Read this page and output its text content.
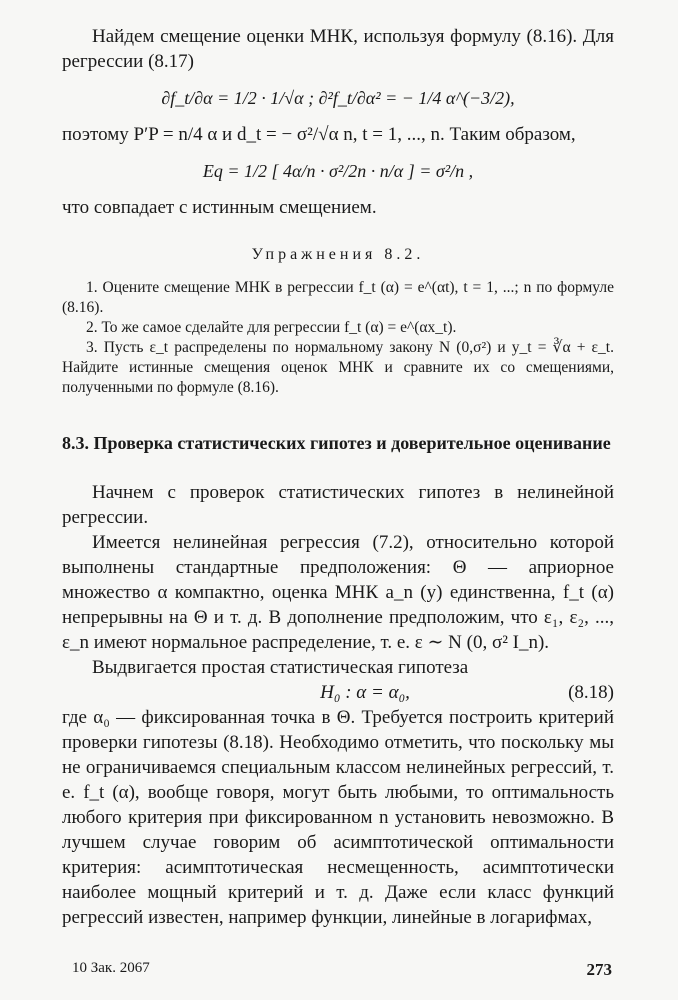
Найдем смещение оценки МНК, используя формулу (8.16). Для регрессии (8.17)

∂f_t/∂α = 1/2 · 1/√α ; ∂²f_t/∂α² = − 1/4 α^(−3/2),

поэтому P′P = n/4 α и d_t = − σ²/√α n, t = 1, ..., n. Таким образом,

Eq = 1/2 [ 4α/n · σ²/2n · n/α ] = σ²/n ,

что совпадает с истинным смещением.

Упражнения 8.2.

1. Оцените смещение МНК в регрессии f_t (α) = e^(αt), t = 1, ...; n по формуле (8.16).

2. То же самое сделайте для регрессии f_t (α) = e^(αx_t).

3. Пусть ε_t распределены по нормальному закону N (0,σ²) и y_t = ∛α + ε_t. Найдите истинные смещения оценок МНК и сравните их со смещениями, полученными по формуле (8.16).

8.3. Проверка статистических гипотез и доверительное оценивание

Начнем с проверок статистических гипотез в нелинейной регрессии.

Имеется нелинейная регрессия (7.2), относительно которой выполнены стандартные предположения: Θ — априорное множество α компактно, оценка МНК a_n (y) единственна, f_t (α) непрерывны на Θ и т. д. В дополнение предположим, что ε₁, ε₂, ..., ε_n имеют нормальное распределение, т. е. ε ∼ N (0, σ² I_n).

Выдвигается простая статистическая гипотеза

H₀ : α = α₀,	(8.18)

где α₀ — фиксированная точка в Θ. Требуется построить критерий проверки гипотезы (8.18). Необходимо отметить, что поскольку мы не ограничиваемся специальным классом нелинейных регрессий, т. е. f_t (α), вообще говоря, могут быть любыми, то оптимальность любого критерия при фиксированном n установить невозможно. В лучшем случае говорим об асимптотической оптимальности критерия: асимптотическая несмещенность, асимптотически наиболее мощный критерий и т. д. Даже если класс функций регрессий известен, например функции, линейные в логарифмах,

10 Зак. 2067	273
